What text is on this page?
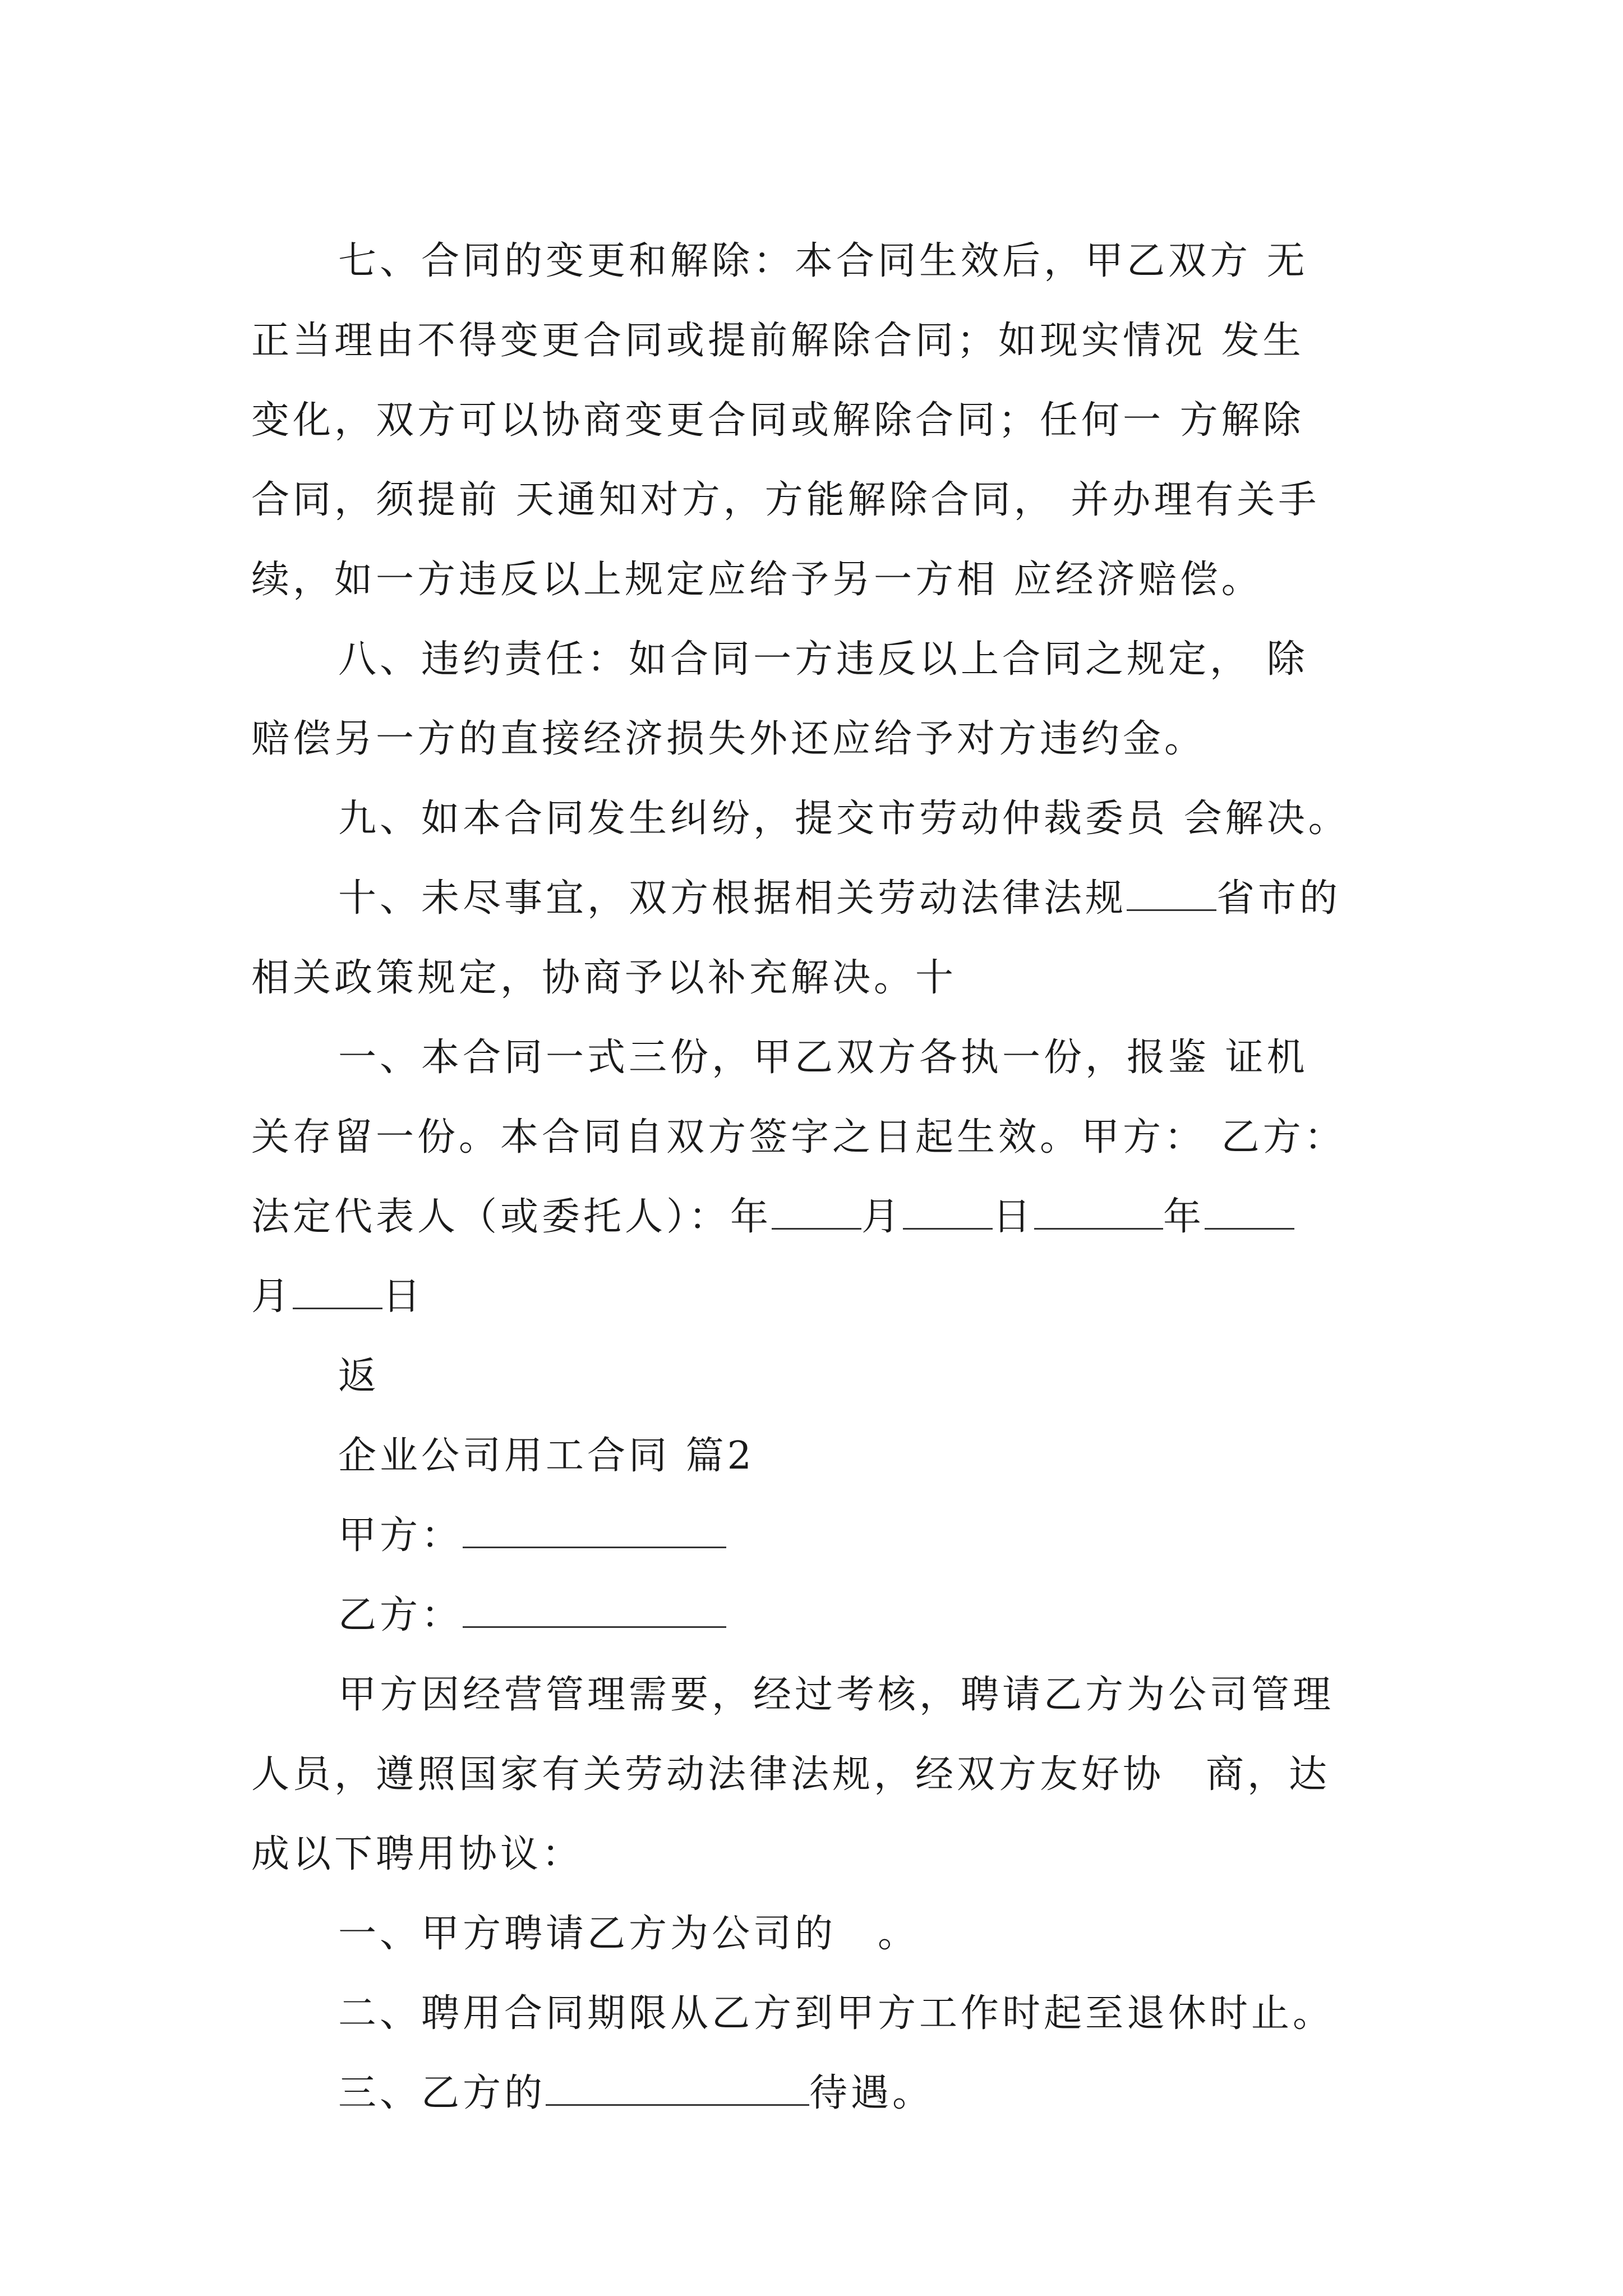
七、合同的变更和解除：本合同生效后，甲乙双方 无
正当理由不得变更合同或提前解除合同；如现实情况 发生
变化，双方可以协商变更合同或解除合同；任何一 方解除
合同，须提前 天通知对方，方能解除合同， 并办理有关手
续，如一方违反以上规定应给予另一方相 应经济赔偿。
八、违约责任：如合同一方违反以上合同之规定， 除
赔偿另一方的直接经济损失外还应给予对方违约金。
九、如本合同发生纠纷，提交市劳动仲裁委员 会解决。
十、未尽事宜，双方根据相关劳动法律法规 省市的
相关政策规定，协商予以补充解决。十
一、本合同一式三份，甲乙双方各执一份，报鉴 证机
关存留一份。本合同自双方签字之日起生效。甲方： 乙方：
法定代表人（或委托人）：年 月 日	年
月 日
返
企业公司用工合同 篇2
甲方：
乙方：
甲方因经营管理需要，经过考核，聘请乙方为公司管理
人员，遵照国家有关劳动法律法规，经双方友好协　商，达
成以下聘用协议：
一、甲方聘请乙方为公司的　。
二、聘用合同期限从乙方到甲方工作时起至退休时止。
三、乙方的	待遇。
